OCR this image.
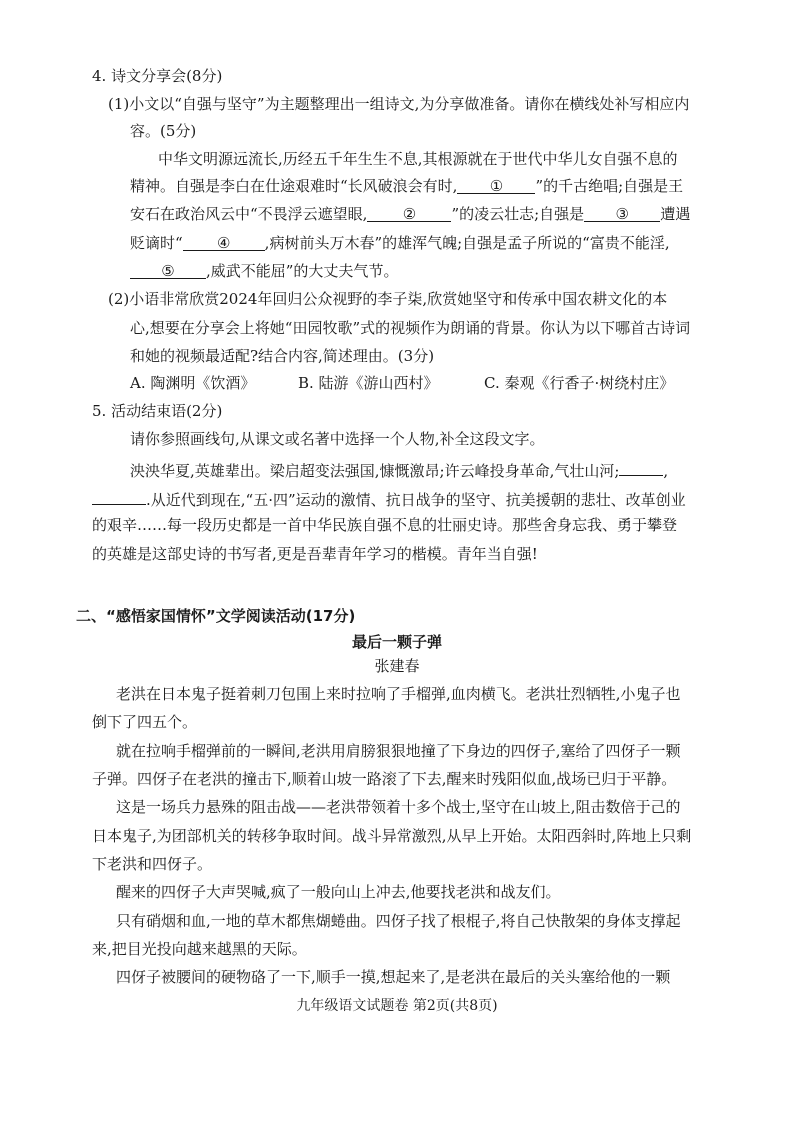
4. 诗文分享会(8分)
(1)小文以“自强与坚守”为主题整理出一组诗文,为分享做准备。请你在横线处补写相应内
容。(5分)
中华文明源远流长,历经五千年生生不息,其根源就在于世代中华儿女自强不息的
精神。自强是李白在仕途艰难时“长风破浪会有时, ① ”的千古绝唱;自强是王
安石在政治风云中“不畏浮云遮望眼, ② ”的凌云壮志;自强是 ③ 遭遇
贬谪时“ ④ ,病树前头万木春”的雄浑气魄;自强是孟子所说的“富贵不能淫,
⑤ ,威武不能屈”的大丈夫气节。
(2)小语非常欣赏2024年回归公众视野的李子柒,欣赏她坚守和传承中国农耕文化的本
心,想要在分享会上将她“田园牧歌”式的视频作为朗诵的背景。你认为以下哪首古诗词
和她的视频最适配?结合内容,简述理由。(3分)
A. 陶渊明《饮酒》	B. 陆游《游山西村》	C. 秦观《行香子·树绕村庄》
5. 活动结束语(2分)
请你参照画线句,从课文或名著中选择一个人物,补全这段文字。
泱泱华夏,英雄辈出。梁启超变法强国,慷慨激昂;许云峰投身革命,气壮山河;	,
.从近代到现在,“五·四”运动的激情、抗日战争的坚守、抗美援朝的悲壮、改革创业
的艰辛……每一段历史都是一首中华民族自强不息的壮丽史诗。那些舍身忘我、勇于攀登
的英雄是这部史诗的书写者,更是吾辈青年学习的楷模。青年当自强!
二、“感悟家国情怀”文学阅读活动(17分)
最后一颗子弹
张建春
老洪在日本鬼子挺着刺刀包围上来时拉响了手榴弹,血肉横飞。老洪壮烈牺牲,小鬼子也
倒下了四五个。
就在拉响手榴弹前的一瞬间,老洪用肩膀狠狠地撞了下身边的四伢子,塞给了四伢子一颗
子弹。四伢子在老洪的撞击下,顺着山坡一路滚了下去,醒来时残阳似血,战场已归于平静。
这是一场兵力悬殊的阻击战——老洪带领着十多个战士,坚守在山坡上,阻击数倍于己的
日本鬼子,为团部机关的转移争取时间。战斗异常激烈,从早上开始。太阳西斜时,阵地上只剩
下老洪和四伢子。
醒来的四伢子大声哭喊,疯了一般向山上冲去,他要找老洪和战友们。
只有硝烟和血,一地的草木都焦煳蜷曲。四伢子找了根棍子,将自己快散架的身体支撑起
来,把目光投向越来越黑的天际。
四伢子被腰间的硬物硌了一下,顺手一摸,想起来了,是老洪在最后的关头塞给他的一颗
九年级语文试题卷 第2页(共8页)
